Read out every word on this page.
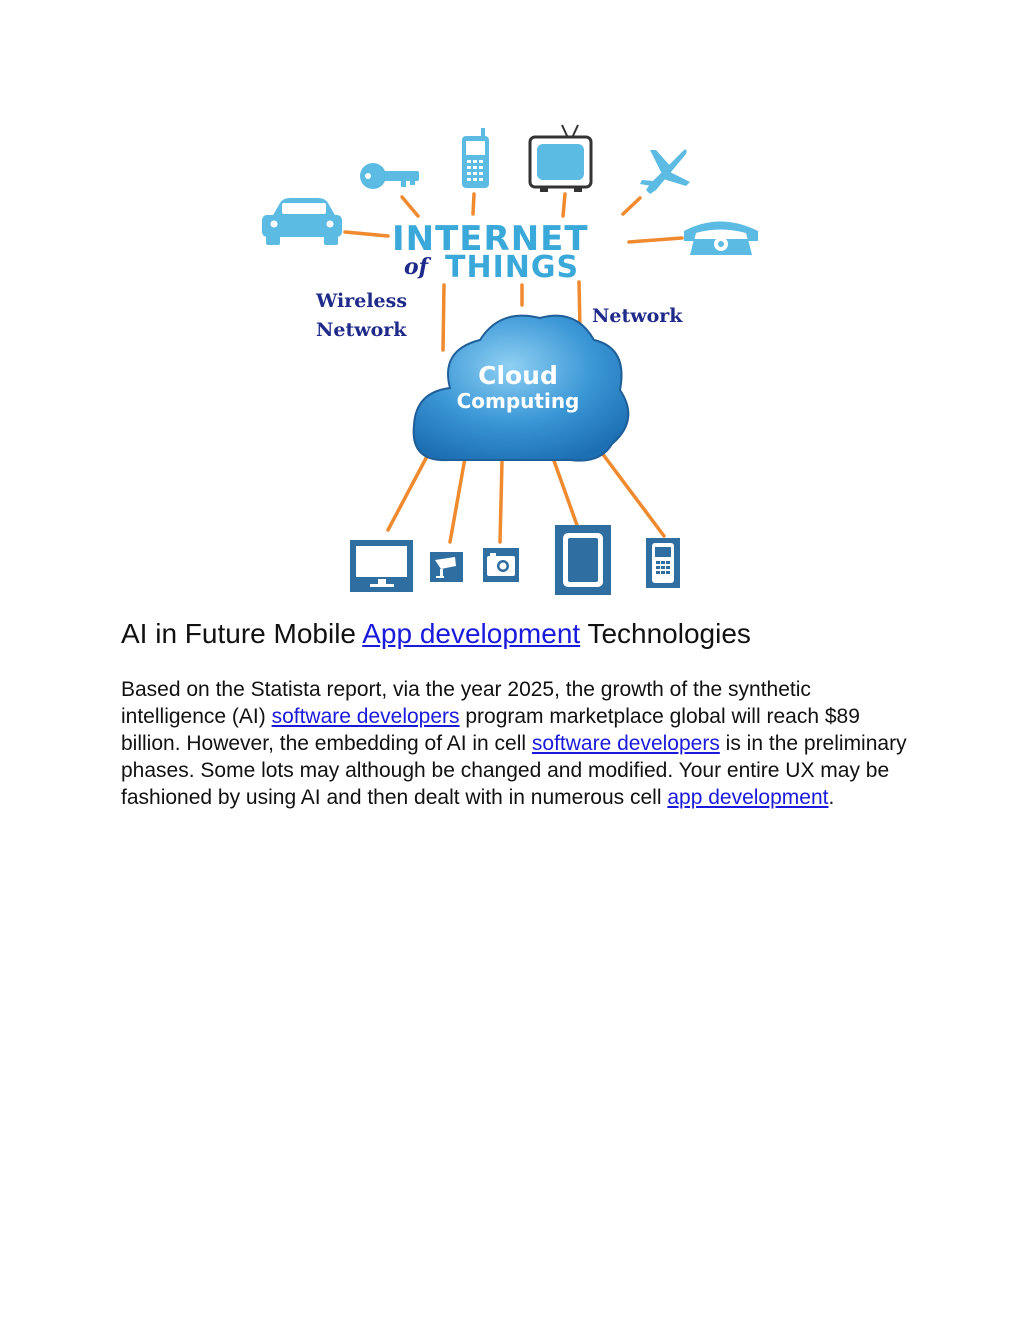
INTERNET
of THINGS
Wireless
Network
Network
Cloud
Computing
AI in Future Mobile App development Technologies

Based on the Statista report, via the year 2025, the growth of the synthetic intelligence (AI) software developers program marketplace global will reach $89 billion. However, the embedding of AI in cell software developers is in the preliminary phases. Some lots may although be changed and modified. Your entire UX may be fashioned by using AI and then dealt with in numerous cell app development.
